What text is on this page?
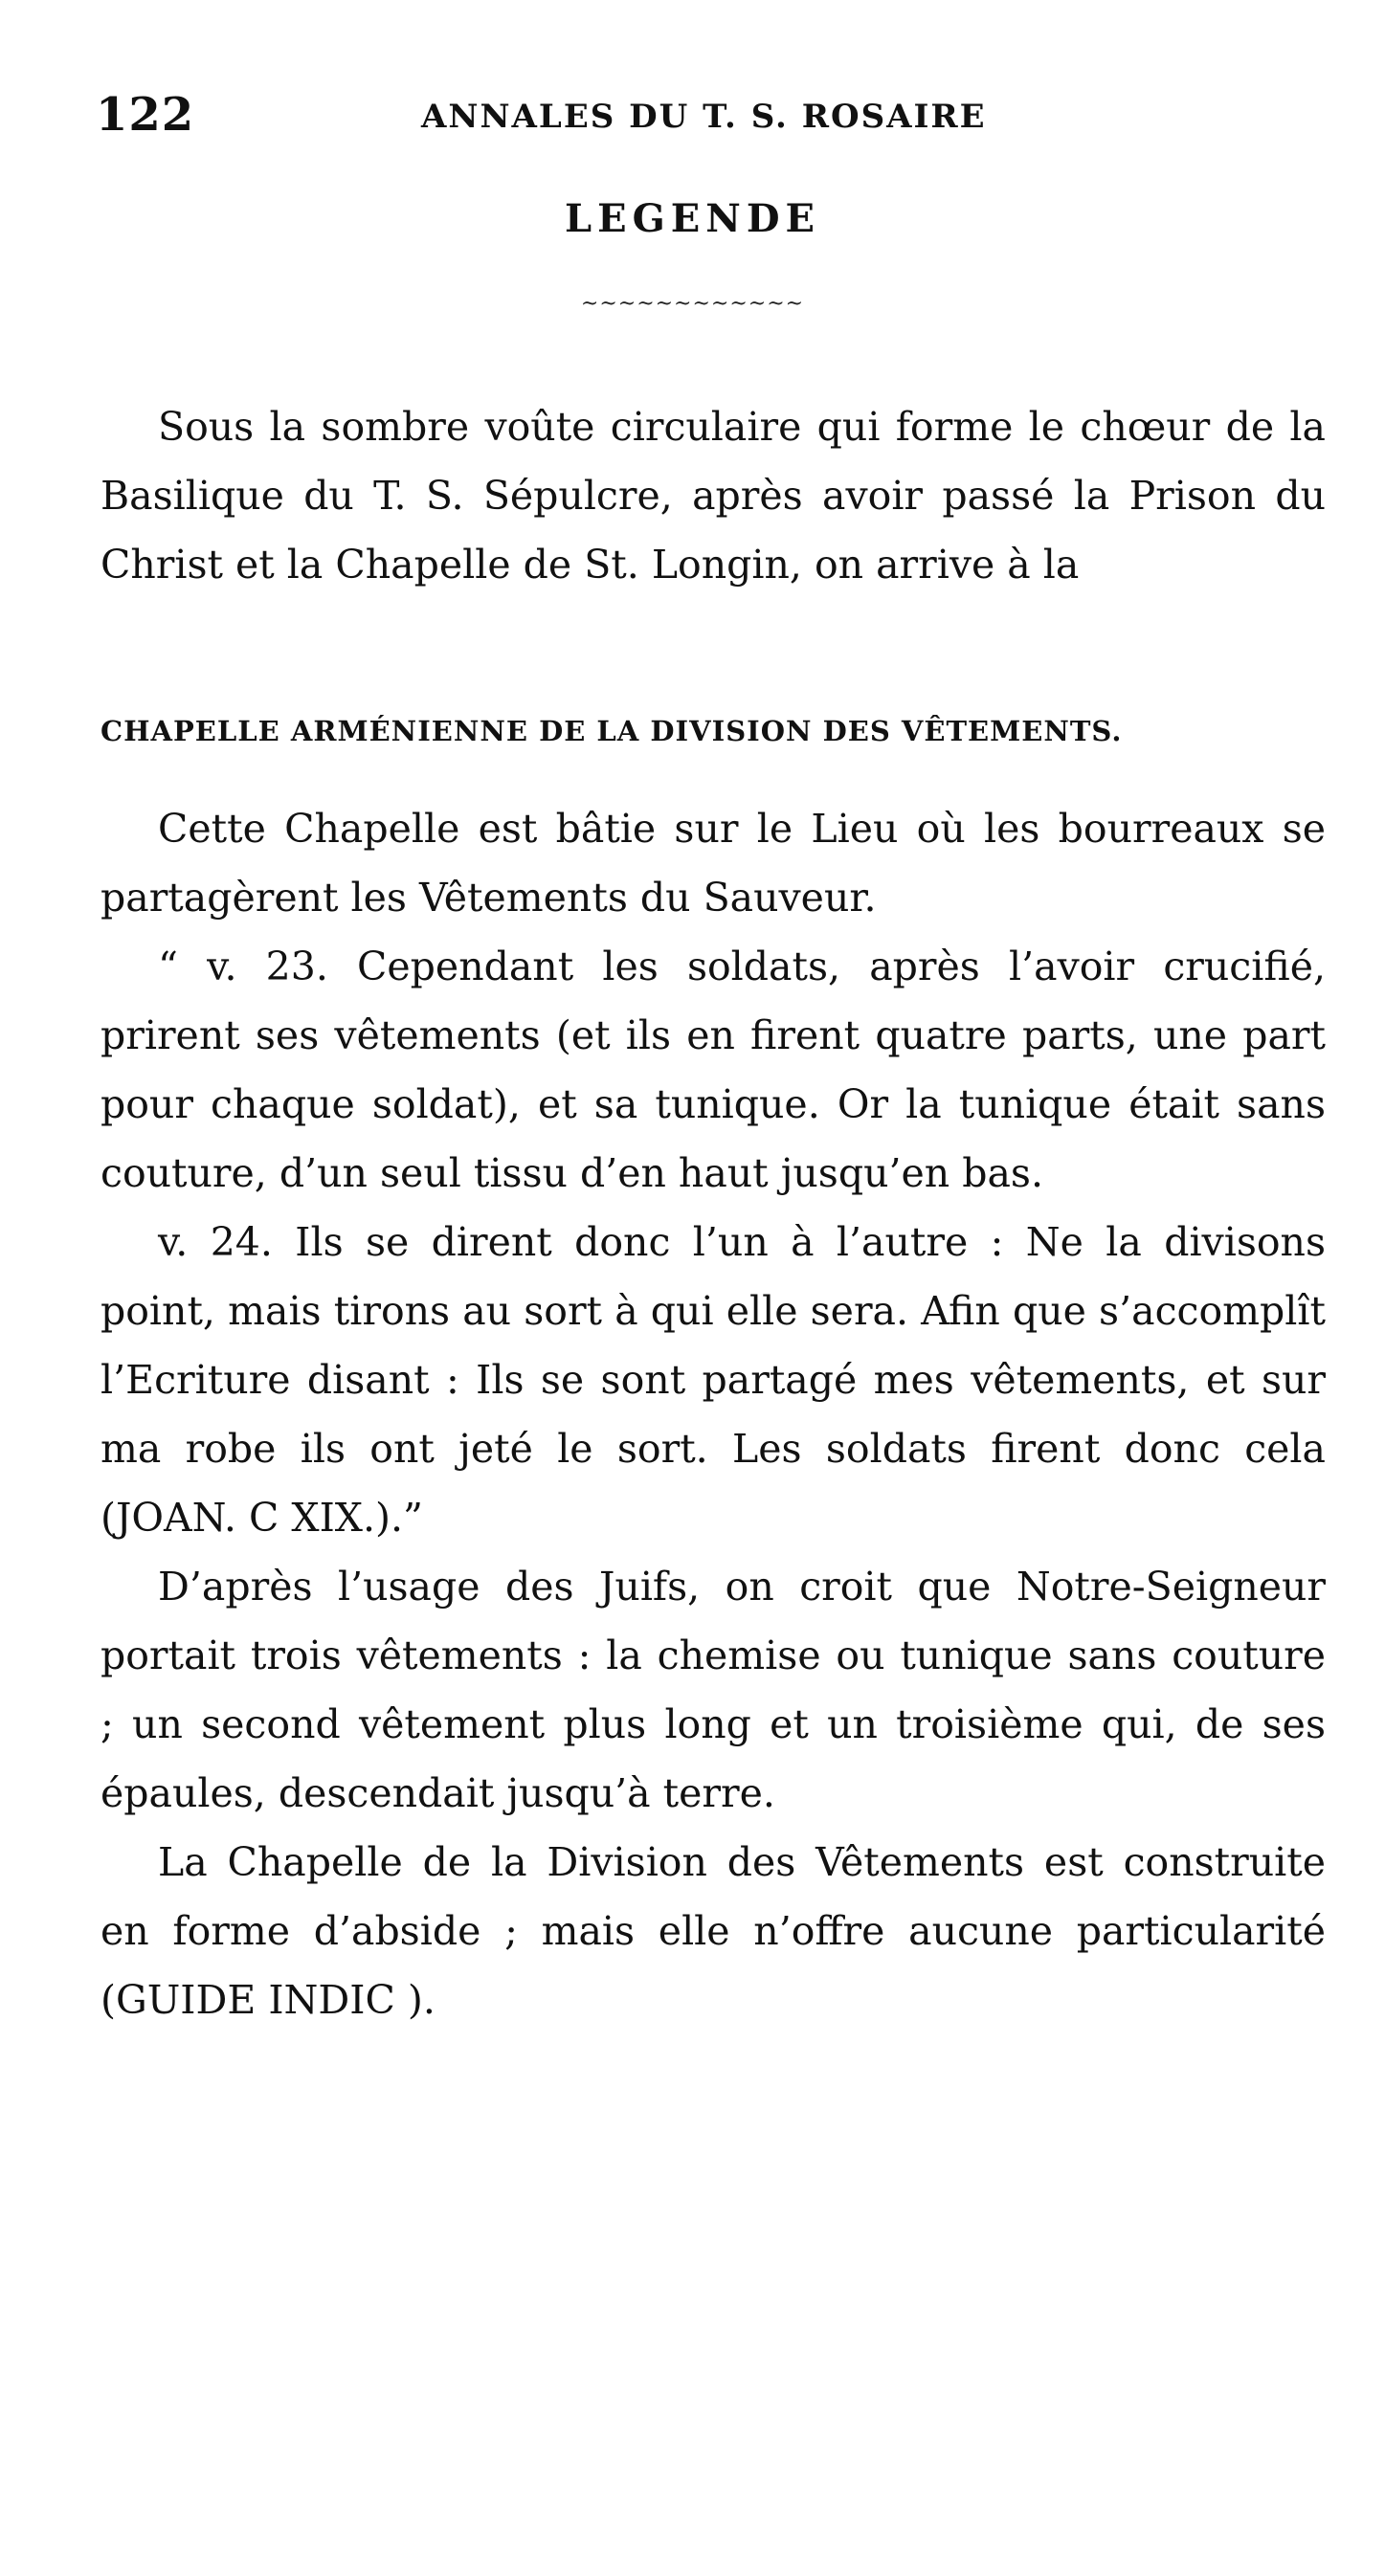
122	ANNALES DU T. S. ROSAIRE
LEGENDE
~~~~~~~~~~~~

Sous la sombre voûte circulaire qui forme le chœur de la Basilique du T. S. Sépulcre, après avoir passé la Prison du Christ et la Chapelle de St. Longin, on arrive à la

CHAPELLE ARMÉNIENNE DE LA DIVISION DES VÊTEMENTS.

Cette Chapelle est bâtie sur le Lieu où les bourreaux se partagèrent les Vêtements du Sauveur.

“ v. 23. Cependant les soldats, après l’avoir crucifié, prirent ses vêtements (et ils en firent quatre parts, une part pour chaque soldat), et sa tunique. Or la tunique était sans couture, d’un seul tissu d’en haut jusqu’en bas.

v. 24. Ils se dirent donc l’un à l’autre : Ne la divisons point, mais tirons au sort à qui elle sera. Afin que s’accomplît l’Ecriture disant : Ils se sont partagé mes vêtements, et sur ma robe ils ont jeté le sort. Les soldats firent donc cela (JOAN. C XIX.).”

D’après l’usage des Juifs, on croit que Notre-Seigneur portait trois vêtements : la chemise ou tunique sans couture ; un second vêtement plus long et un troisième qui, de ses épaules, descendait jusqu’à terre.

La Chapelle de la Division des Vêtements est construite en forme d’abside ; mais elle n’offre aucune particularité (GUIDE INDIC ).
